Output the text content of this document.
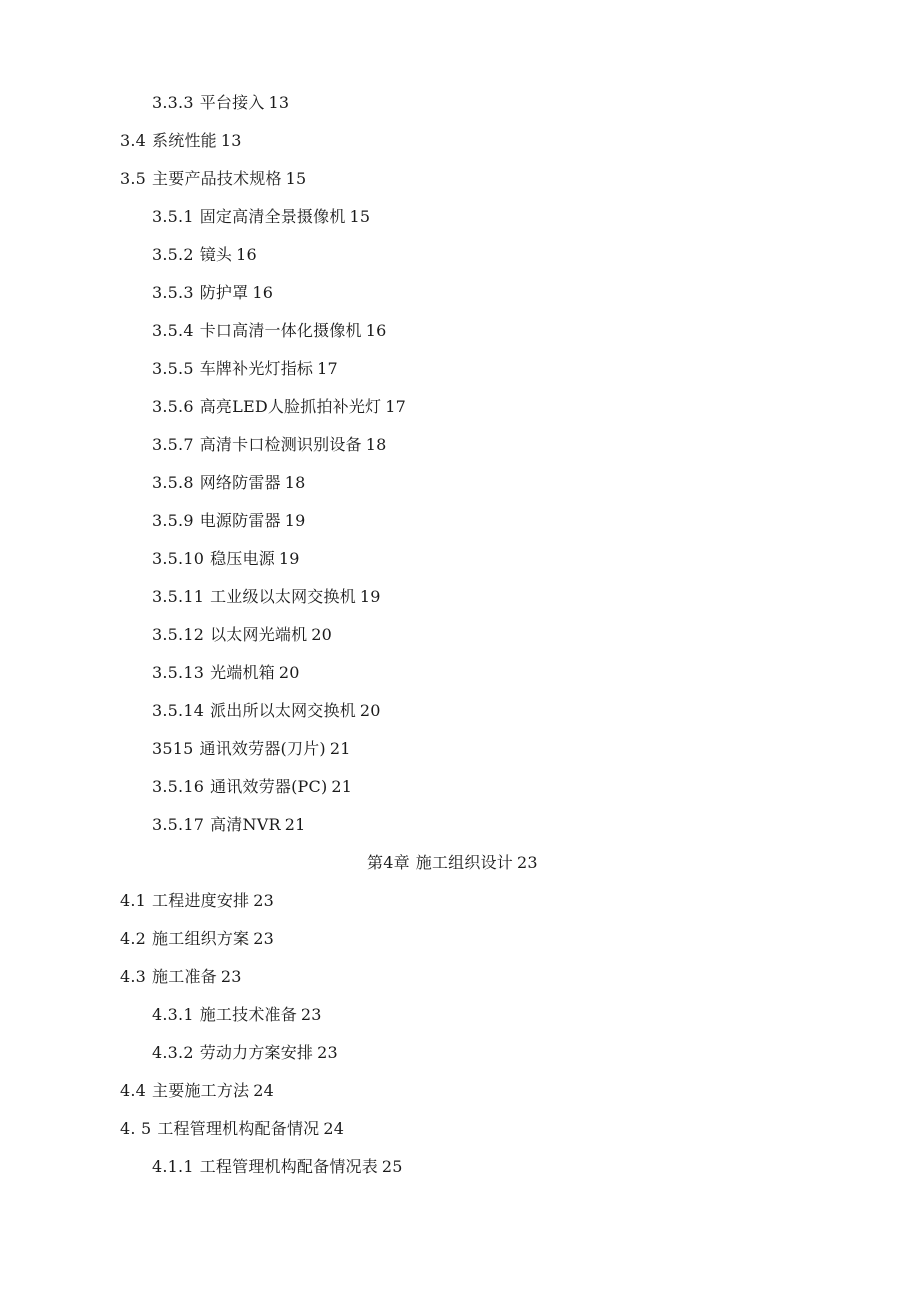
3.3.3 平台接入 13
3.4 系统性能 13
3.5 主要产品技术规格 15
3.5.1 固定高清全景摄像机 15
3.5.2 镜头 16
3.5.3 防护罩 16
3.5.4 卡口高清一体化摄像机 16
3.5.5 车牌补光灯指标 17
3.5.6 高亮LED人脸抓拍补光灯 17
3.5.7 高清卡口检测识别设备 18
3.5.8 网络防雷器 18
3.5.9 电源防雷器 19
3.5.10 稳压电源 19
3.5.11 工业级以太网交换机 19
3.5.12 以太网光端机 20
3.5.13 光端机箱 20
3.5.14 派出所以太网交换机 20
3515 通讯效劳器(刀片) 21
3.5.16 通讯效劳器(PC) 21
3.5.17 高清NVR 21
第4章 施工组织设计 23
4.1 工程进度安排 23
4.2 施工组织方案 23
4.3 施工准备 23
4.3.1 施工技术准备 23
4.3.2 劳动力方案安排 23
4.4 主要施工方法 24
4. 5 工程管理机构配备情况 24
4.1.1 工程管理机构配备情况表 25
